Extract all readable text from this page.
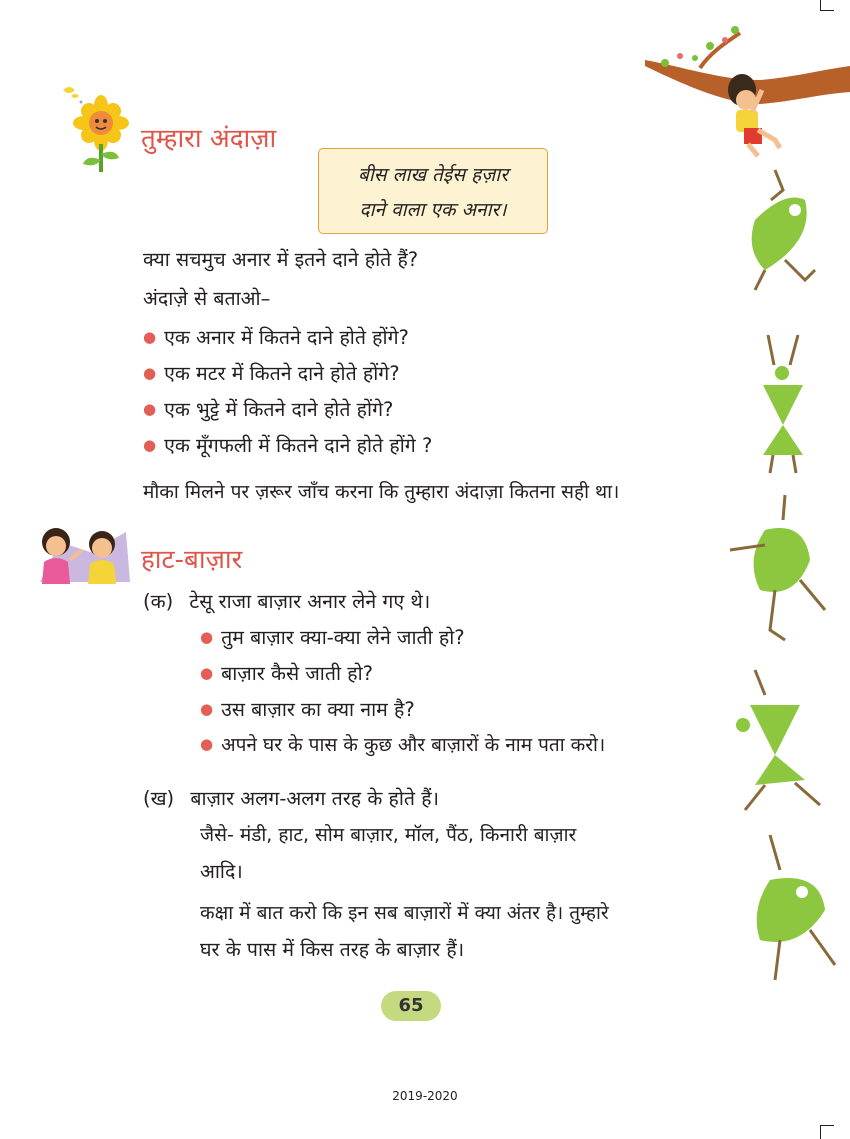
तुम्हारा अंदाज़ा
बीस लाख तेईस हज़ार
दाने वाला एक अनार।
क्या सचमुच अनार में इतने दाने होते हैं?
अंदाज़े से बताओ–
● एक अनार में कितने दाने होते होंगे?
● एक मटर में कितने दाने होते होंगे?
● एक भुट्टे में कितने दाने होते होंगे?
● एक मूँगफली में कितने दाने होते होंगे ?
मौका मिलने पर ज़रूर जाँच करना कि तुम्हारा अंदाज़ा कितना सही था।
हाट-बाज़ार
(क) टेसू राजा बाज़ार अनार लेने गए थे।
● तुम बाज़ार क्या-क्या लेने जाती हो?
● बाज़ार कैसे जाती हो?
● उस बाज़ार का क्या नाम है?
● अपने घर के पास के कुछ और बाज़ारों के नाम पता करो।
(ख) बाज़ार अलग-अलग तरह के होते हैं।
जैसे- मंडी, हाट, सोम बाज़ार, मॉल, पैंठ, किनारी बाज़ार
आदि।
कक्षा में बात करो कि इन सब बाज़ारों में क्या अंतर है। तुम्हारे
घर के पास में किस तरह के बाज़ार हैं।
65
2019-2020
